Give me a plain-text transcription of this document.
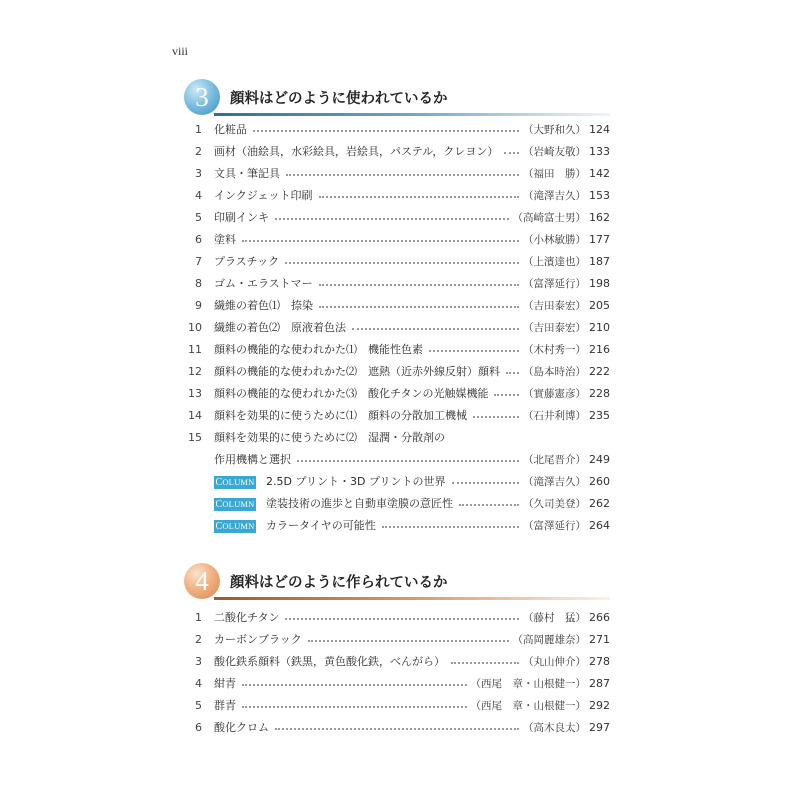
viii
3	顔料はどのように使われているか
1	化粧品	（大野和久） 124
2	画材（油絵具，水彩絵具，岩絵具，パステル，クレヨン） （岩崎友敬） 133
3	文具・筆記具	（福田　勝） 142
4	インクジェット印刷	（滝澤吉久） 153
5	印刷インキ	（高崎富士男） 162
6	塗料	（小林敏勝） 177
7	プラスチック	（上濱達也） 187
8	ゴム・エラストマー	（富澤延行） 198
9	繊維の着色⑴　捺染	（吉田泰宏） 205
10	繊維の着色⑵　原液着色法	（吉田泰宏） 210
11	顔料の機能的な使われかた⑴　機能性色素	（木村秀一） 216
12	顔料の機能的な使われかた⑵　遮熱（近赤外線反射）顔料 （島本時治） 222
13	顔料の機能的な使われかた⑶　酸化チタンの光触媒機能	（實藤憲彦） 228
14	顔料を効果的に使うために⑴　顔料の分散加工機械	（石井利博） 235
15	顔料を効果的に使うために⑵　湿潤・分散剤の
作用機構と選択	（北尾晋介） 249
COLUMN 2.5D プリント・3D プリントの世界	（滝澤吉久） 260
COLUMN 塗装技術の進歩と自動車塗膜の意匠性	（久司美登） 262
COLUMN カラータイヤの可能性	（富澤延行） 264
4	顔料はどのように作られているか
1	二酸化チタン	（藤村　猛） 266
2	カーボンブラック	（高岡麗雄奈） 271
3	酸化鉄系顔料（鉄黒，黄色酸化鉄，べんがら）	（丸山伸介） 278
4	紺青	（西尾　章・山根健一） 287
5	群青	（西尾　章・山根健一） 292
6	酸化クロム	（高木良太） 297
